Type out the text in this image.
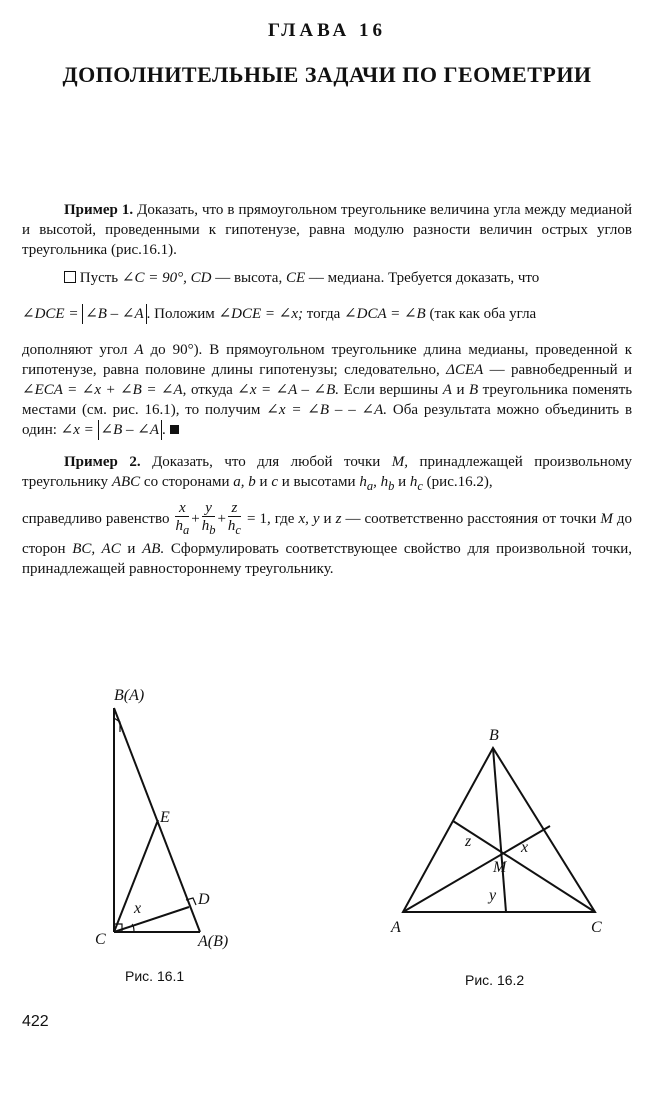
ГЛАВА 16
ДОПОЛНИТЕЛЬНЫЕ ЗАДАЧИ ПО ГЕОМЕТРИИ
Пример 1. Доказать, что в прямоугольном треугольнике величина угла между медианой и высотой, проведенными к гипотенузе, равна модулю разности величин острых углов треугольника (рис.16.1).
Пусть ∠C = 90°, CD — высота, CE –– медиана. Требуется доказать, что
∠DCE = ∠B – ∠A . Положим ∠DCE = ∠x; тогда ∠DCA = ∠B (так как оба угла
дополняют угол A до 90°). В прямоугольном треугольнике длина медианы, проведенной к гипотенузе, равна половине длины гипотенузы; следовательно, ΔCEA — равнобедренный и ∠ECA = ∠x + ∠B = ∠A, откуда ∠x = ∠A – ∠B. Если вершины A и B треугольника поменять местами (см. рис. 16.1), то получим ∠x = ∠B – – ∠A. Оба результата можно объединить в один: ∠x = ∠B – ∠A .
Пример 2. Доказать, что для любой точки M, принадлежащей произвольному треугольнику ABC со сторонами a, b и c и высотами $h_a$, $h_b$ и $h_c$ (рис.16.2),
справедливо равенство $\frac{x}{h_a} + \frac{y}{h_b} + \frac{z}{h_c} = 1$, где x, y и z — соответственно расстояния от точки M до сторон BC, AC и AB. Сформулировать соответствующее свойство для произвольной точки, принадлежащей равностороннему треугольнику.
B(A)
E
D
x
C	A(B)
Рис. 16.1
B
z	x
M
y
A	C
Рис. 16.2
422
